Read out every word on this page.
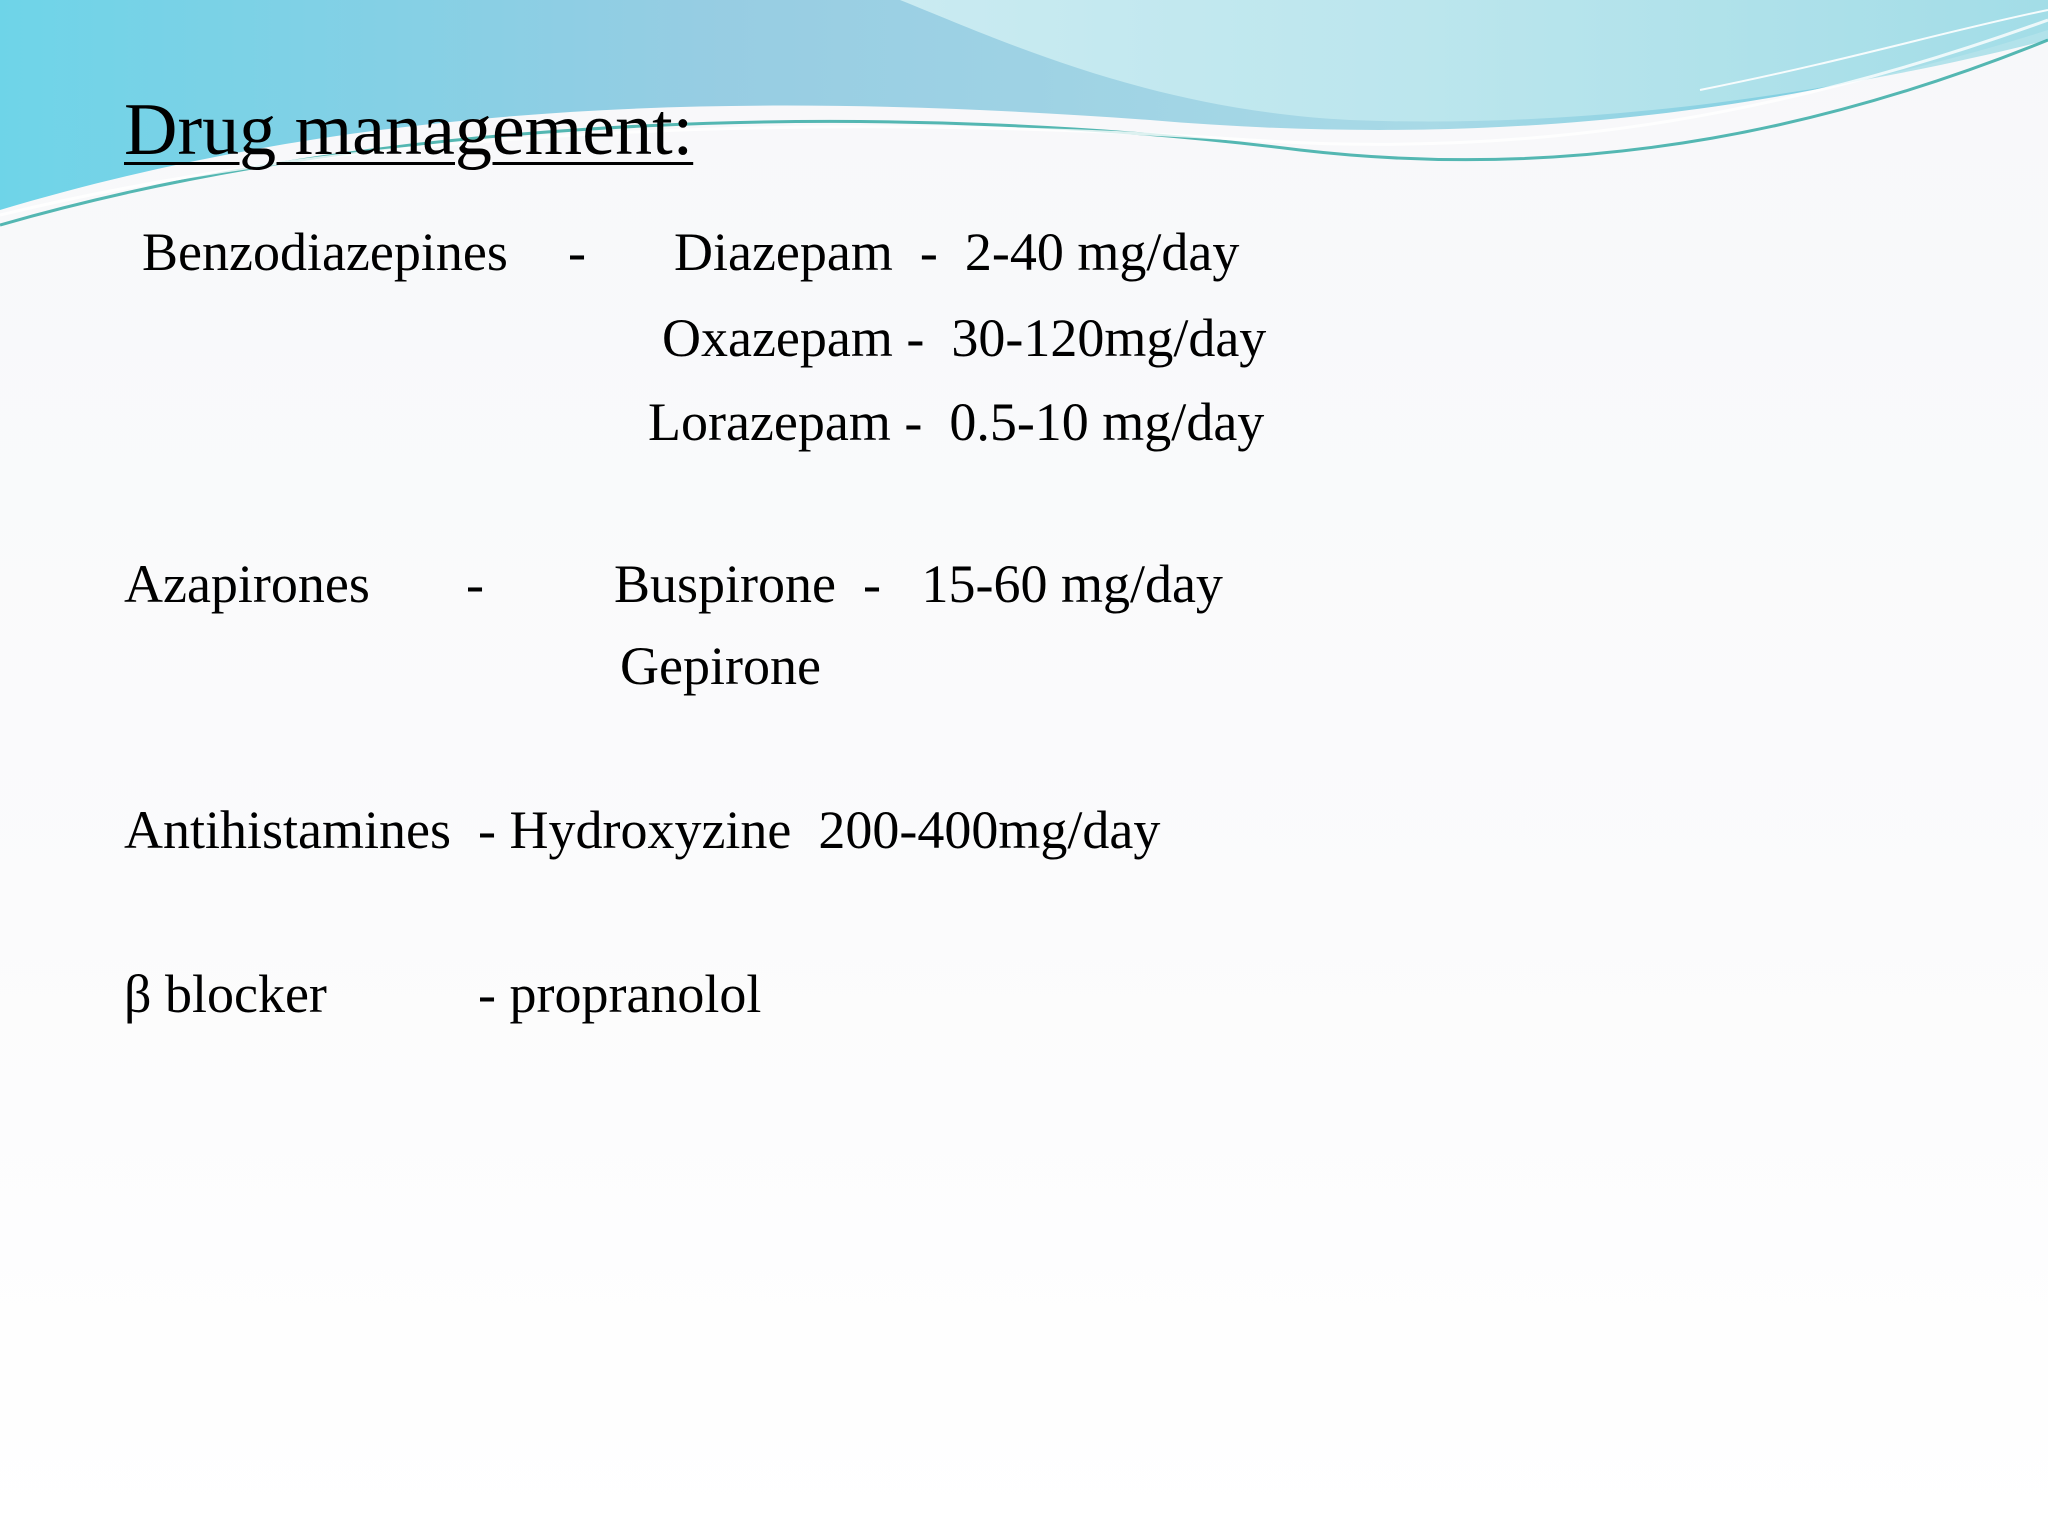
Drug management:
Benzodiazepines - Diazepam  -  2-40 mg/day
Oxazepam -  30-120mg/day
Lorazepam -  0.5-10 mg/day
Azapirones - Buspirone  -   15-60 mg/day
Gepirone
Antihistamines  - Hydroxyzine  200-400mg/day
β blocker	- propranolol
